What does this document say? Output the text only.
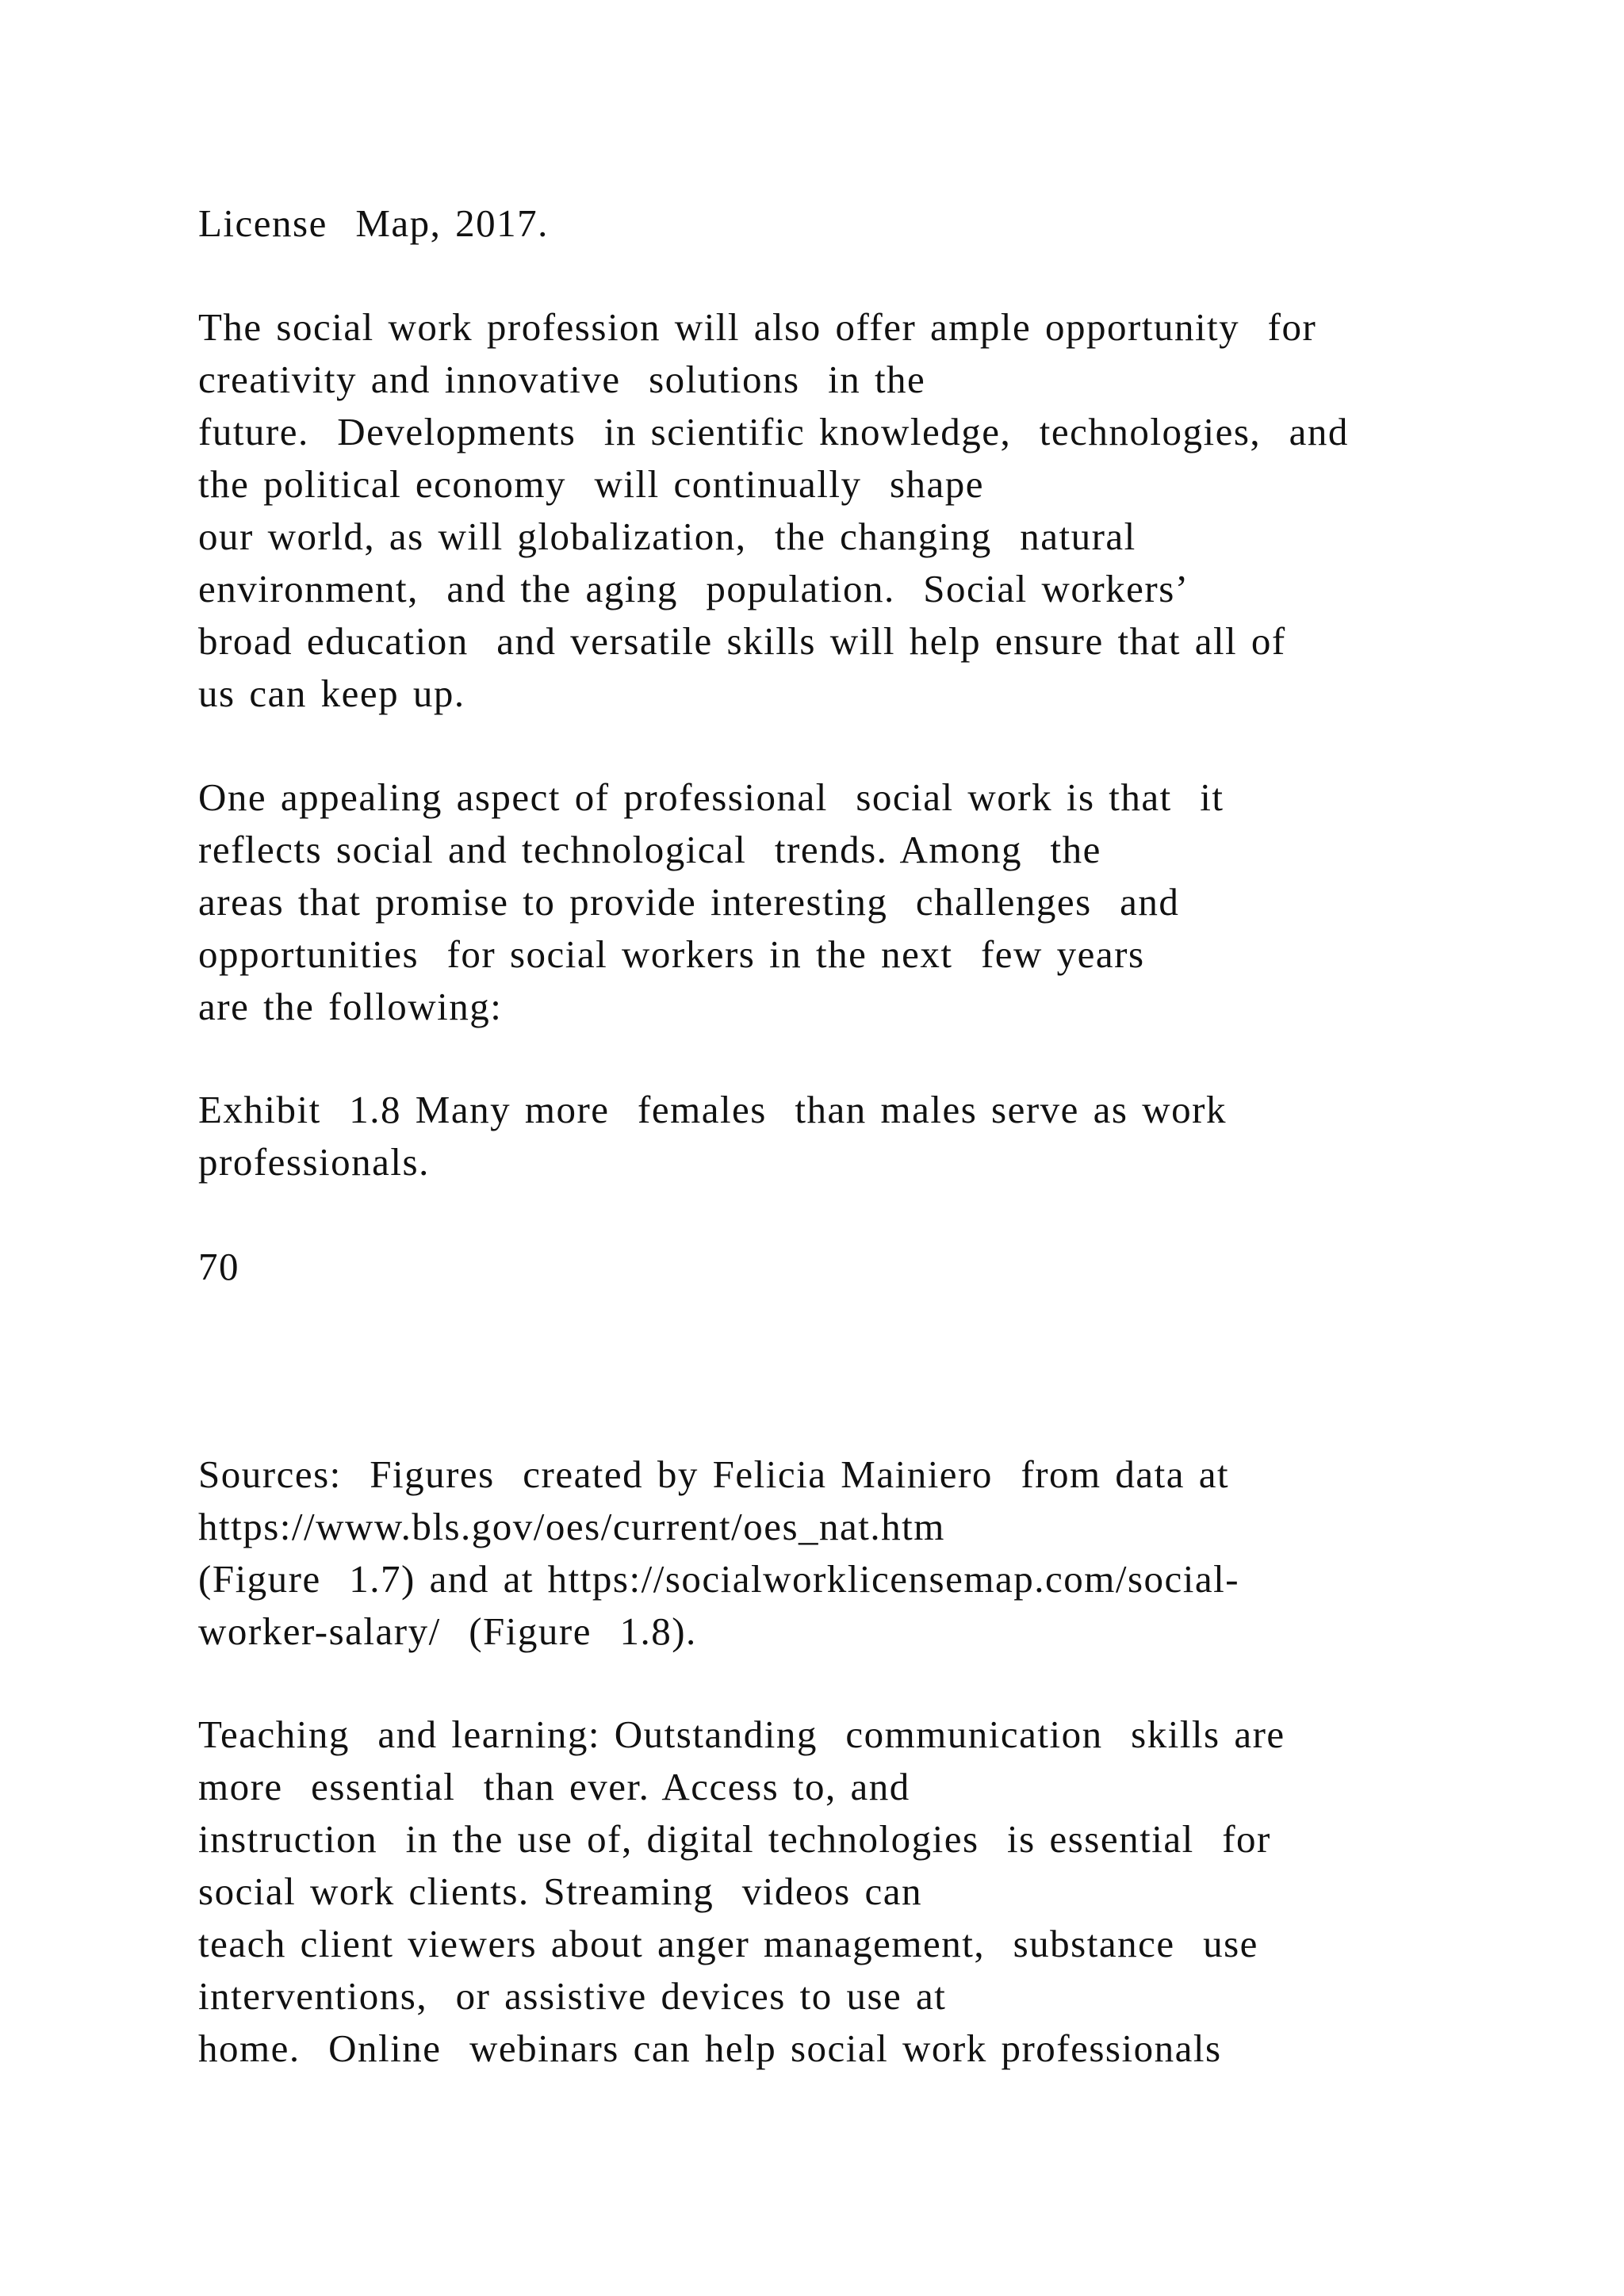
License  Map, 2017.

The social work profession will also offer ample opportunity  for

creativity and innovative  solutions  in the

future.  Developments  in scientific knowledge,  technologies,  and

the political economy  will continually  shape

our world, as will globalization,  the changing  natural

environment,  and the aging  population.  Social workers’

broad education  and versatile skills will help ensure that all of

us can keep up.

One appealing aspect of professional  social work is that  it

reflects social and technological  trends. Among  the

areas that promise to provide interesting  challenges  and

opportunities  for social workers in the next  few years

are the following:

Exhibit  1.8 Many more  females  than males serve as work

professionals.

70

Sources:  Figures  created by Felicia Mainiero  from data at

https://www.bls.gov/oes/current/oes_nat.htm

(Figure  1.7) and at https://socialworklicensemap.com/social-

worker-salary/  (Figure  1.8).

Teaching  and learning: Outstanding  communication  skills are

more  essential  than ever. Access to, and

instruction  in the use of, digital technologies  is essential  for

social work clients. Streaming  videos can

teach client viewers about anger management,  substance  use

interventions,  or assistive devices to use at

home.  Online  webinars can help social work professionals
